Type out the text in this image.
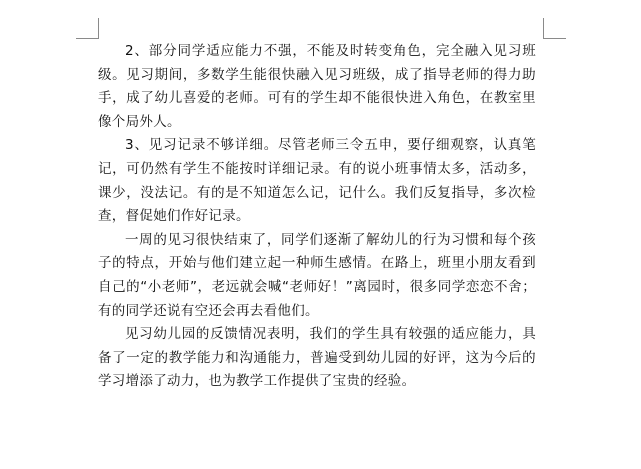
2、部分同学适应能力不强，不能及时转变角色，完全融入见习班级。见习期间，多数学生能很快融入见习班级，成了指导老师的得力助手，成了幼儿喜爱的老师。可有的学生却不能很快进入角色，在教室里像个局外人。

3、见习记录不够详细。尽管老师三令五申，要仔细观察，认真笔记，可仍然有学生不能按时详细记录。有的说小班事情太多，活动多，课少，没法记。有的是不知道怎么记，记什么。我们反复指导，多次检查，督促她们作好记录。

一周的见习很快结束了，同学们逐渐了解幼儿的行为习惯和每个孩子的特点，开始与他们建立起一种师生感情。在路上，班里小朋友看到自己的“小老师”，老远就会喊“老师好！”离园时，很多同学恋恋不舍；有的同学还说有空还会再去看他们。

见习幼儿园的反馈情况表明，我们的学生具有较强的适应能力，具备了一定的教学能力和沟通能力，普遍受到幼儿园的好评，这为今后的学习增添了动力，也为教学工作提供了宝贵的经验。
